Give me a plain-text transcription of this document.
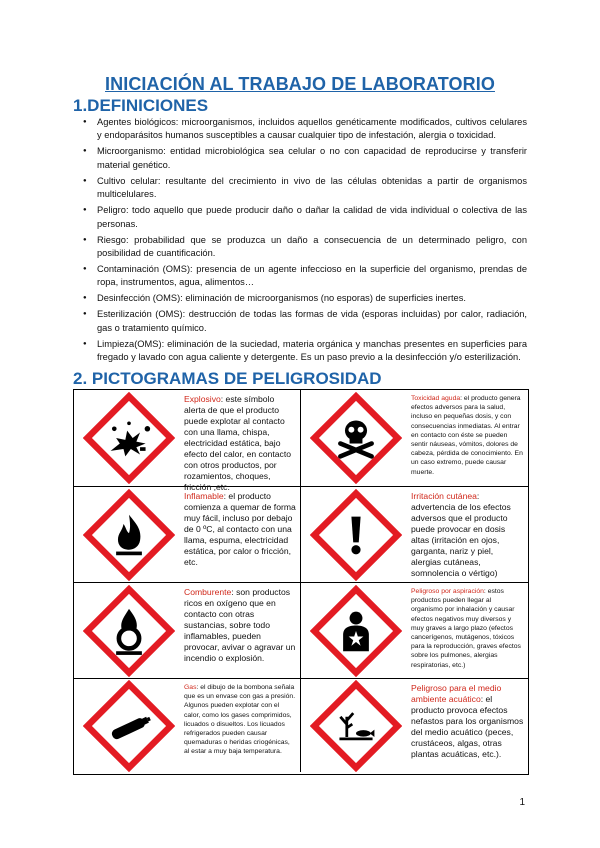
INICIACIÓN AL TRABAJO DE LABORATORIO
1.DEFINICIONES
● Agentes biológicos: microorganismos, incluidos aquellos genéticamente modificados, cultivos celulares y endoparásitos humanos susceptibles a causar cualquier tipo de infestación, alergia o toxicidad.
● Microorganismo: entidad microbiológica sea celular o no con capacidad de reproducirse y transferir material genético.
● Cultivo celular: resultante del crecimiento in vivo de las células obtenidas a partir de organismos multicelulares.
● Peligro: todo aquello que puede producir daño o dañar la calidad de vida individual o colectiva de las personas.
● Riesgo: probabilidad que se produzca un daño a consecuencia de un determinado peligro, con posibilidad de cuantificación.
● Contaminación (OMS): presencia de un agente infeccioso en la superficie del organismo, prendas de ropa, instrumentos, agua, alimentos…
● Desinfección (OMS): eliminación de microorganismos (no esporas) de superficies inertes.
● Esterilización (OMS): destrucción de todas las formas de vida (esporas incluidas) por calor, radiación, gas o tratamiento químico.
● Limpieza(OMS): eliminación de la suciedad, materia orgánica y manchas presentes en superficies para fregado y lavado con agua caliente y detergente. Es un paso previo a la desinfección y/o esterilización.
2. PICTOGRAMAS DE PELIGROSIDAD
Explosivo: este símbolo alerta de que el producto puede explotar al contacto con una llama, chispa, electricidad estática, bajo efecto del calor, en contacto con otros productos, por rozamientos, choques, fricción ,etc.
Toxicidad aguda: el producto genera efectos adversos para la salud, incluso en pequeñas dosis, y con consecuencias inmediatas. Al entrar en contacto con éste se pueden sentir náuseas, vómitos, dolores de cabeza, pérdida de conocimiento. En un caso extremo, puede causar muerte.
Inflamable: el producto comienza a quemar de forma muy fácil, incluso por debajo de 0 ºC, al contacto con una llama, espuma, electricidad estática, por calor o fricción, etc.
Irritación cutánea: advertencia de los efectos adversos que el producto puede provocar en dosis altas (irritación en ojos, garganta, nariz y piel, alergias cutáneas, somnolencia o vértigo)
Comburente: son productos ricos en oxígeno que en contacto con otras sustancias, sobre todo inflamables, pueden provocar, avivar o agravar un incendio o explosión.
Peligroso por aspiración: estos productos pueden llegar al organismo por inhalación y causar efectos negativos muy diversos y muy graves a largo plazo (efectos cancerígenos, mutágenos, tóxicos para la reproducción, graves efectos sobre los pulmones, alergias respiratorias, etc.)
Gas: el dibujo de la bombona señala que es un envase con gas a presión. Algunos pueden explotar con el calor, como los gases comprimidos, licuados o disueltos. Los licuados refrigerados pueden causar quemaduras o heridas criogénicas, al estar a muy baja temperatura.
Peligroso para el medio ambiente acuático: el producto provoca efectos nefastos para los organismos del medio acuático (peces, crustáceos, algas, otras plantas acuáticas, etc.).
1
